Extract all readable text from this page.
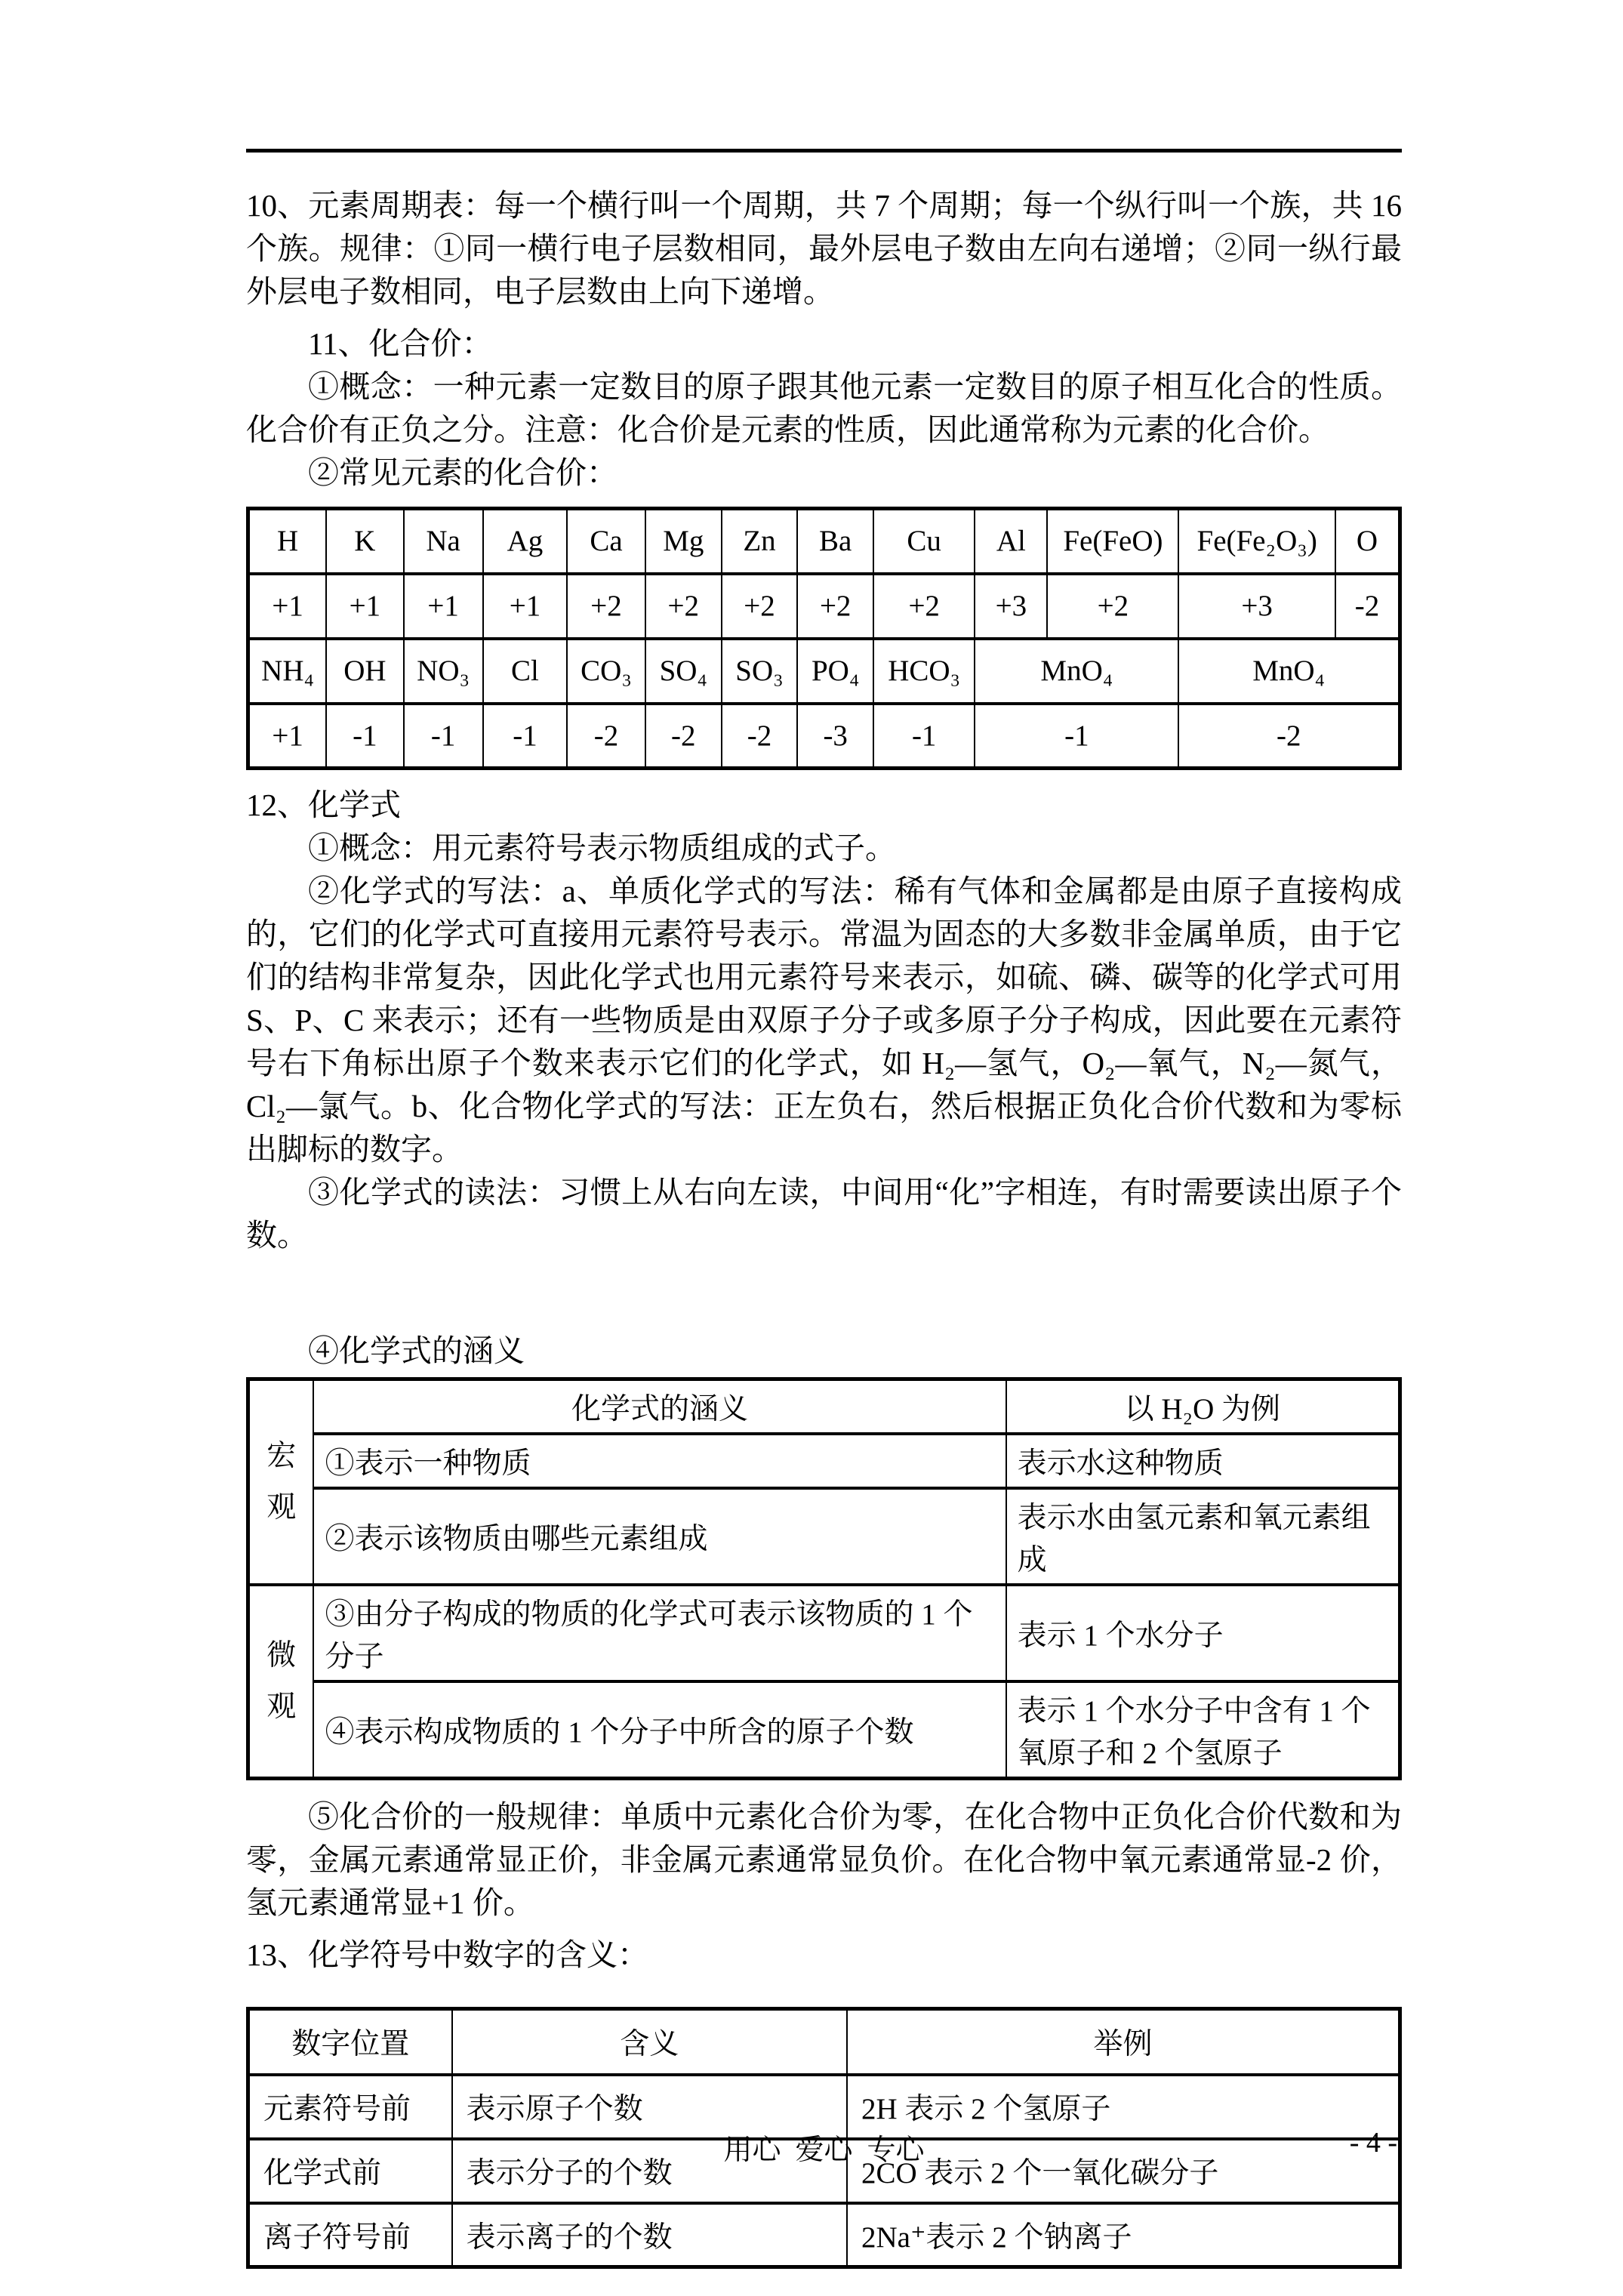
10、元素周期表：每一个横行叫一个周期，共 7 个周期；每一个纵行叫一个族，共 16 个族。规律：①同一横行电子层数相同，最外层电子数由左向右递增；②同一纵行最外层电子数相同，电子层数由上向下递增。

11、化合价：

①概念：一种元素一定数目的原子跟其他元素一定数目的原子相互化合的性质。化合价有正负之分。注意：化合价是元素的性质，因此通常称为元素的化合价。

②常见元素的化合价：

H	K	Na	Ag	Ca	Mg	Zn	Ba	Cu	Al	Fe(FeO)	Fe(Fe₂O₃)	O
+1	+1	+1	+1	+2	+2	+2	+2	+2	+3	+2	+3	-2
NH₄	OH	NO₃	Cl	CO₃	SO₄	SO₃	PO₄	HCO₃	MnO₄		MnO₄	
+1	-1	-1	-1	-2	-2	-2	-3	-1	-1		-2	

12、化学式

①概念：用元素符号表示物质组成的式子。

②化学式的写法：a、单质化学式的写法：稀有气体和金属都是由原子直接构成的，它们的化学式可直接用元素符号表示。常温为固态的大多数非金属单质，由于它们的结构非常复杂，因此化学式也用元素符号来表示，如硫、磷、碳等的化学式可用 S、P、C 来表示；还有一些物质是由双原子分子或多原子分子构成，因此要在元素符号右下角标出原子个数来表示它们的化学式，如 H₂—氢气，O₂—氧气，N₂—氮气，Cl₂—氯气。b、化合物化学式的写法：正左负右，然后根据正负化合价代数和为零标出脚标的数字。

③化学式的读法：习惯上从右向左读，中间用“化”字相连，有时需要读出原子个数。

④化学式的涵义

宏观	化学式的涵义	以 H₂O 为例
	①表示一种物质	表示水这种物质
	②表示该物质由哪些元素组成	表示水由氢元素和氧元素组成
微观	③由分子构成的物质的化学式可表示该物质的 1 个分子	表示 1 个水分子
	④表示构成物质的 1 个分子中所含的原子个数	表示 1 个水分子中含有 1 个氧原子和 2 个氢原子

⑤化合价的一般规律：单质中元素化合价为零，在化合物中正负化合价代数和为零，金属元素通常显正价，非金属元素通常显负价。在化合物中氧元素通常显-2 价，氢元素通常显+1 价。

13、化学符号中数字的含义：

数字位置	含义	举例
元素符号前	表示原子个数	2H 表示 2 个氢原子
化学式前	表示分子的个数	2CO 表示 2 个一氧化碳分子
离子符号前	表示离子的个数	2Na⁺表示 2 个钠离子
用心  爱心  专心	- 4 -
